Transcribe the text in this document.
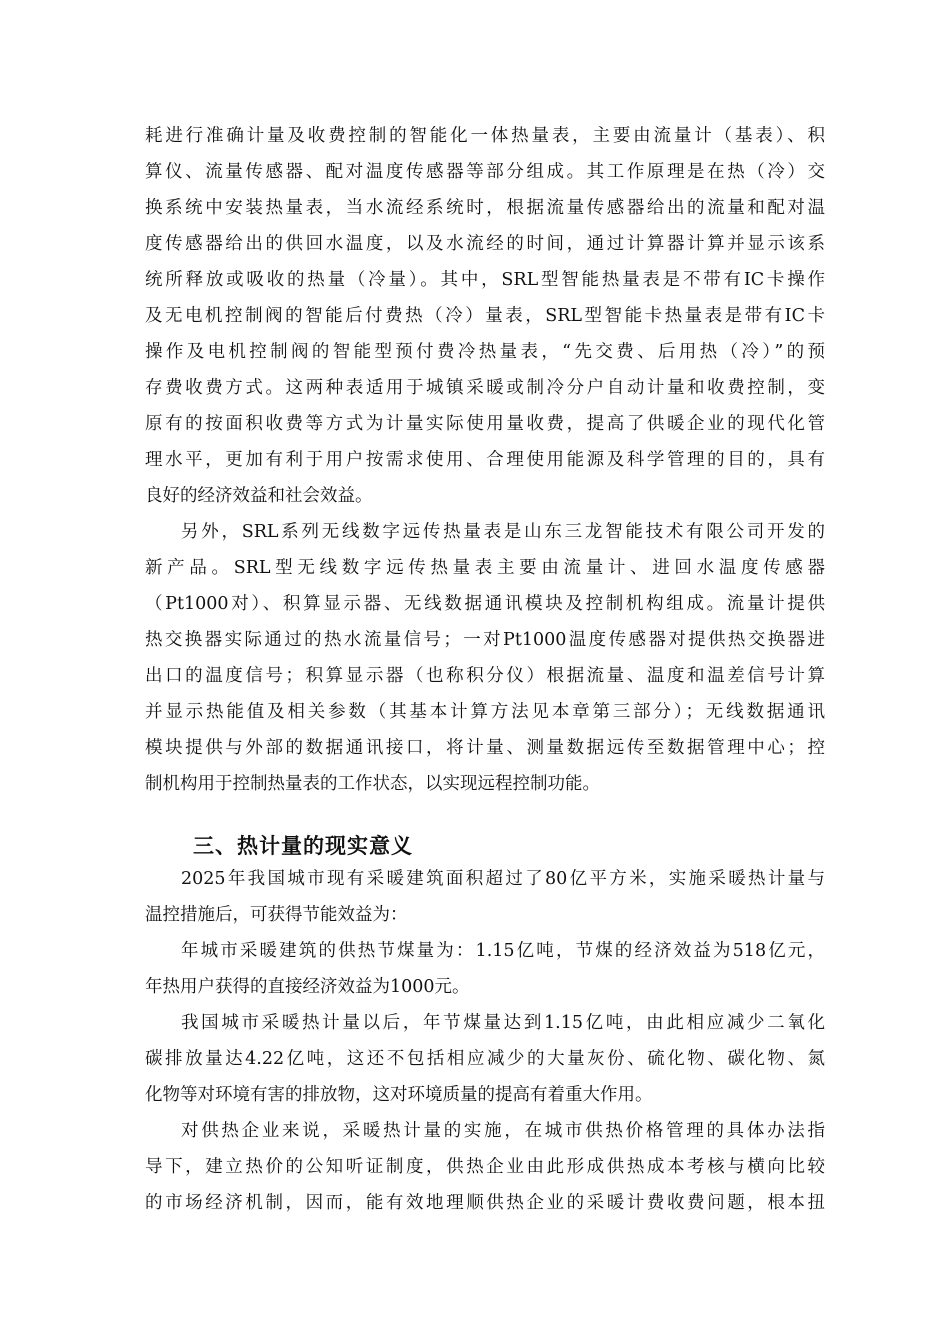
耗进行准确计量及收费控制的智能化一体热量表，主要由流量计（基表）、积
算仪、流量传感器、配对温度传感器等部分组成。其工作原理是在热（冷）交
换系统中安装热量表，当水流经系统时，根据流量传感器给出的流量和配对温
度传感器给出的供回水温度，以及水流经的时间，通过计算器计算并显示该系
统所释放或吸收的热量（冷量）。其中，SRL型智能热量表是不带有IC卡操作
及无电机控制阀的智能后付费热（冷）量表，SRL型智能卡热量表是带有IC卡
操作及电机控制阀的智能型预付费冷热量表，“先交费、后用热（冷）”的预
存费收费方式。这两种表适用于城镇采暖或制冷分户自动计量和收费控制，变
原有的按面积收费等方式为计量实际使用量收费，提高了供暖企业的现代化管
理水平，更加有利于用户按需求使用、合理使用能源及科学管理的目的，具有
良好的经济效益和社会效益。
另外，SRL系列无线数字远传热量表是山东三龙智能技术有限公司开发的
新产品。SRL型无线数字远传热量表主要由流量计、进回水温度传感器
（Pt1000对）、积算显示器、无线数据通讯模块及控制机构组成。流量计提供
热交换器实际通过的热水流量信号；一对Pt1000温度传感器对提供热交换器进
出口的温度信号；积算显示器（也称积分仪）根据流量、温度和温差信号计算
并显示热能值及相关参数（其基本计算方法见本章第三部分）；无线数据通讯
模块提供与外部的数据通讯接口，将计量、测量数据远传至数据管理中心；控
制机构用于控制热量表的工作状态，以实现远程控制功能。
三、热计量的现实意义
2025年我国城市现有采暖建筑面积超过了80亿平方米，实施采暖热计量与
温控措施后，可获得节能效益为：
年城市采暖建筑的供热节煤量为：1.15亿吨，节煤的经济效益为518亿元，
年热用户获得的直接经济效益为1000元。
我国城市采暖热计量以后，年节煤量达到1.15亿吨，由此相应减少二氧化
碳排放量达4.22亿吨，这还不包括相应减少的大量灰份、硫化物、碳化物、氮
化物等对环境有害的排放物，这对环境质量的提高有着重大作用。
对供热企业来说，采暖热计量的实施，在城市供热价格管理的具体办法指
导下，建立热价的公知听证制度，供热企业由此形成供热成本考核与横向比较
的市场经济机制，因而，能有效地理顺供热企业的采暖计费收费问题，根本扭
